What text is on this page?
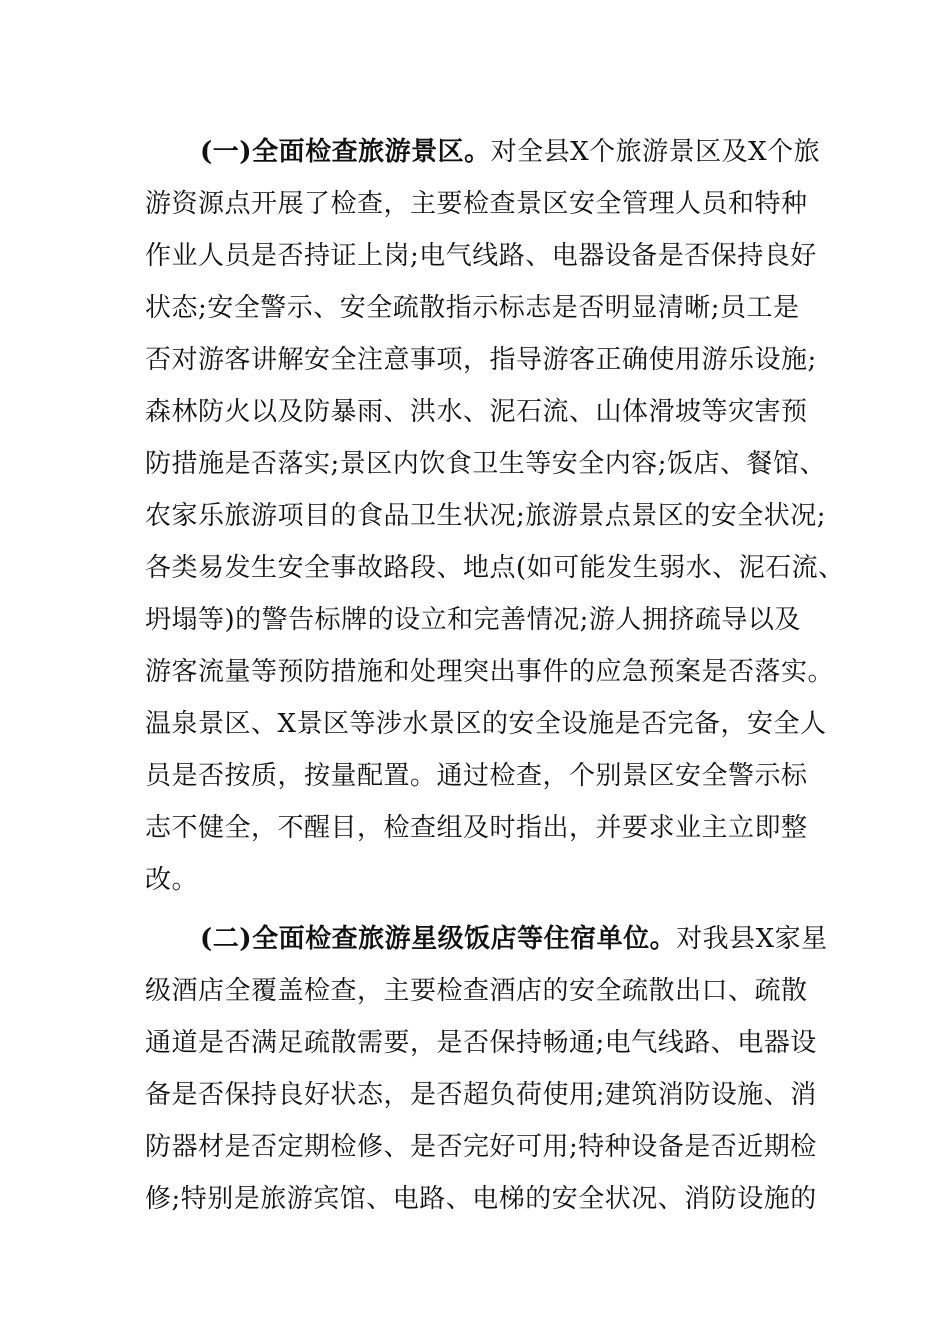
(一)全面检查旅游景区。对全县X个旅游景区及X个旅
游资源点开展了检查，主要检查景区安全管理人员和特种
作业人员是否持证上岗;电气线路、电器设备是否保持良好
状态;安全警示、安全疏散指示标志是否明显清晰;员工是
否对游客讲解安全注意事项，指导游客正确使用游乐设施;
森林防火以及防暴雨、洪水、泥石流、山体滑坡等灾害预
防措施是否落实;景区内饮食卫生等安全内容;饭店、餐馆、
农家乐旅游项目的食品卫生状况;旅游景点景区的安全状况;
各类易发生安全事故路段、地点(如可能发生弱水、泥石流、
坍塌等)的警告标牌的设立和完善情况;游人拥挤疏导以及
游客流量等预防措施和处理突出事件的应急预案是否落实。
温泉景区、X景区等涉水景区的安全设施是否完备，安全人
员是否按质，按量配置。通过检查，个别景区安全警示标
志不健全，不醒目，检查组及时指出，并要求业主立即整
改。
(二)全面检查旅游星级饭店等住宿单位。对我县X家星
级酒店全覆盖检查，主要检查酒店的安全疏散出口、疏散
通道是否满足疏散需要，是否保持畅通;电气线路、电器设
备是否保持良好状态，是否超负荷使用;建筑消防设施、消
防器材是否定期检修、是否完好可用;特种设备是否近期检
修;特别是旅游宾馆、电路、电梯的安全状况、消防设施的
